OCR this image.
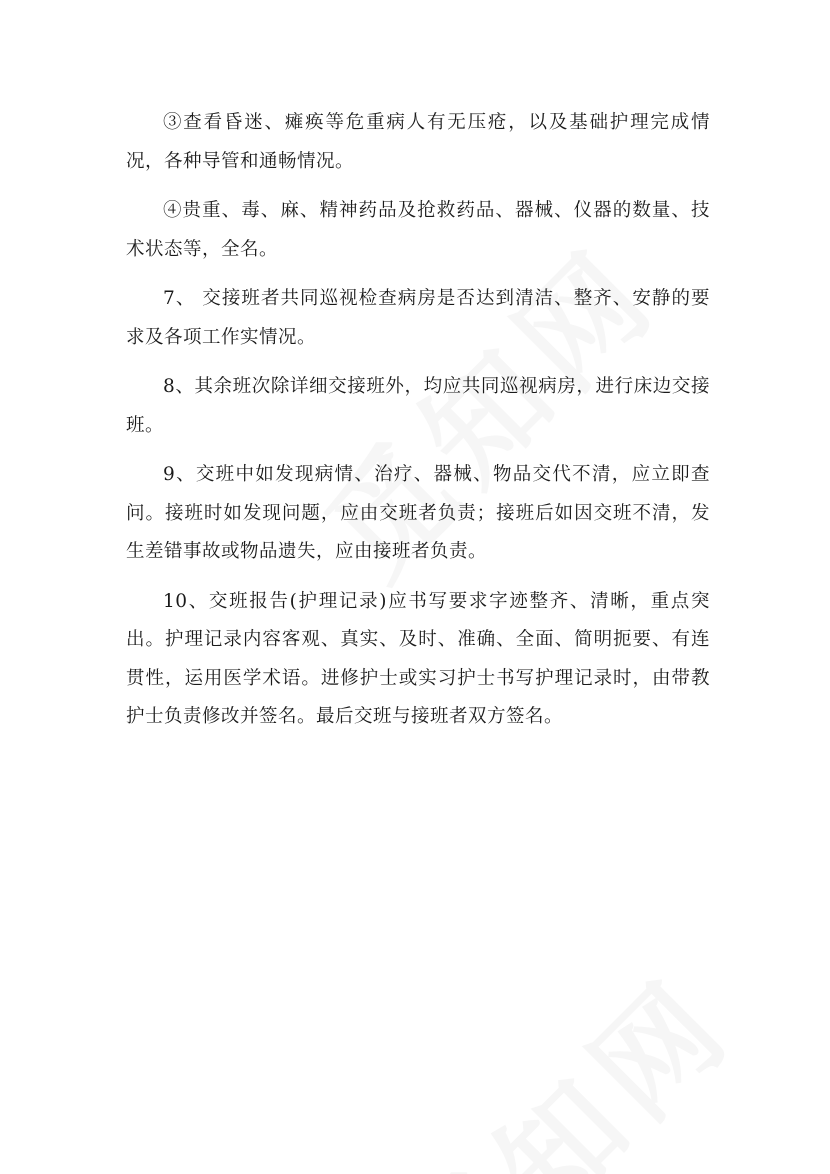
③查看昏迷、瘫痪等危重病人有无压疮，以及基础护理完成情况，各种导管和通畅情况。

④贵重、毒、麻、精神药品及抢救药品、器械、仪器的数量、技术状态等，全名。

7、 交接班者共同巡视检查病房是否达到清洁、整齐、安静的要求及各项工作实情况。

8、其余班次除详细交接班外，均应共同巡视病房，进行床边交接班。

9、交班中如发现病情、治疗、器械、物品交代不清，应立即查问。接班时如发现问题，应由交班者负责；接班后如因交班不清，发生差错事故或物品遗失，应由接班者负责。

10、交班报告(护理记录)应书写要求字迹整齐、清晰，重点突出。护理记录内容客观、真实、及时、准确、全面、简明扼要、有连贯性，运用医学术语。进修护士或实习护士书写护理记录时，由带教护士负责修改并签名。最后交班与接班者双方签名。
